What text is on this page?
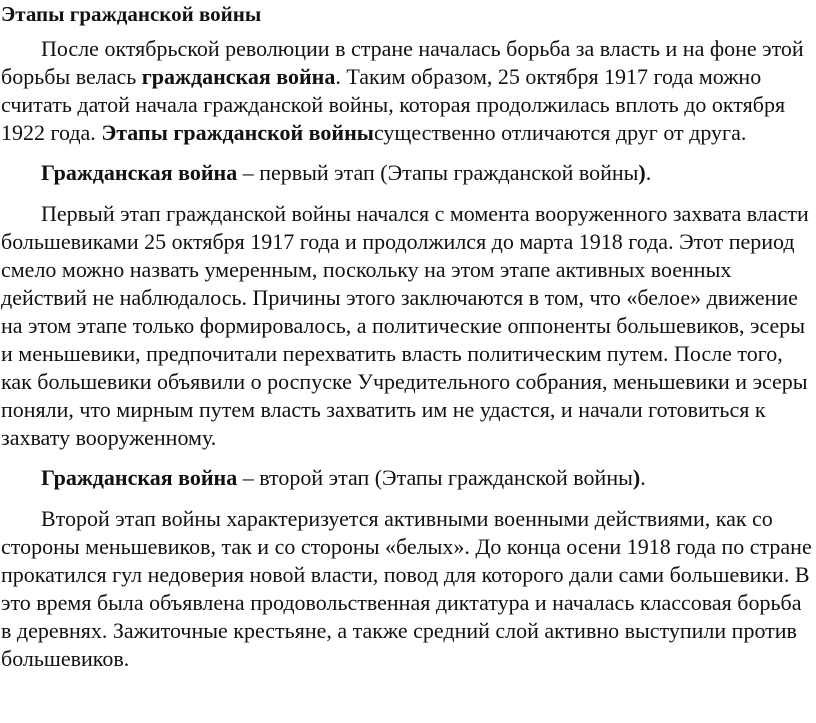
Этапы гражданской войны

После октябрьской революции в стране началась борьба за власть и на фоне этой борьбы велась гражданская война. Таким образом, 25 октября 1917 года можно считать датой начала гражданской войны, которая продолжилась вплоть до октября 1922 года. Этапы гражданской войнысущественно отличаются друг от друга.

Гражданская война – первый этап (Этапы гражданской войны).

Первый этап гражданской войны начался с момента вооруженного захвата власти большевиками 25 октября 1917 года и продолжился до марта 1918 года. Этот период смело можно назвать умеренным, поскольку на этом этапе активных военных действий не наблюдалось. Причины этого заключаются в том, что «белое» движение на этом этапе только формировалось, а политические оппоненты большевиков, эсеры и меньшевики, предпочитали перехватить власть политическим путем. После того, как большевики объявили о роспуске Учредительного собрания, меньшевики и эсеры поняли, что мирным путем власть захватить им не удастся, и начали готовиться к захвату вооруженному.

Гражданская война – второй этап (Этапы гражданской войны).

Второй этап войны характеризуется активными военными действиями, как со стороны меньшевиков, так и со стороны «белых». До конца осени 1918 года по стране прокатился гул недоверия новой власти, повод для которого дали сами большевики. В это время была объявлена продовольственная диктатура и началась классовая борьба в деревнях. Зажиточные крестьяне, а также средний слой активно выступили против большевиков.
